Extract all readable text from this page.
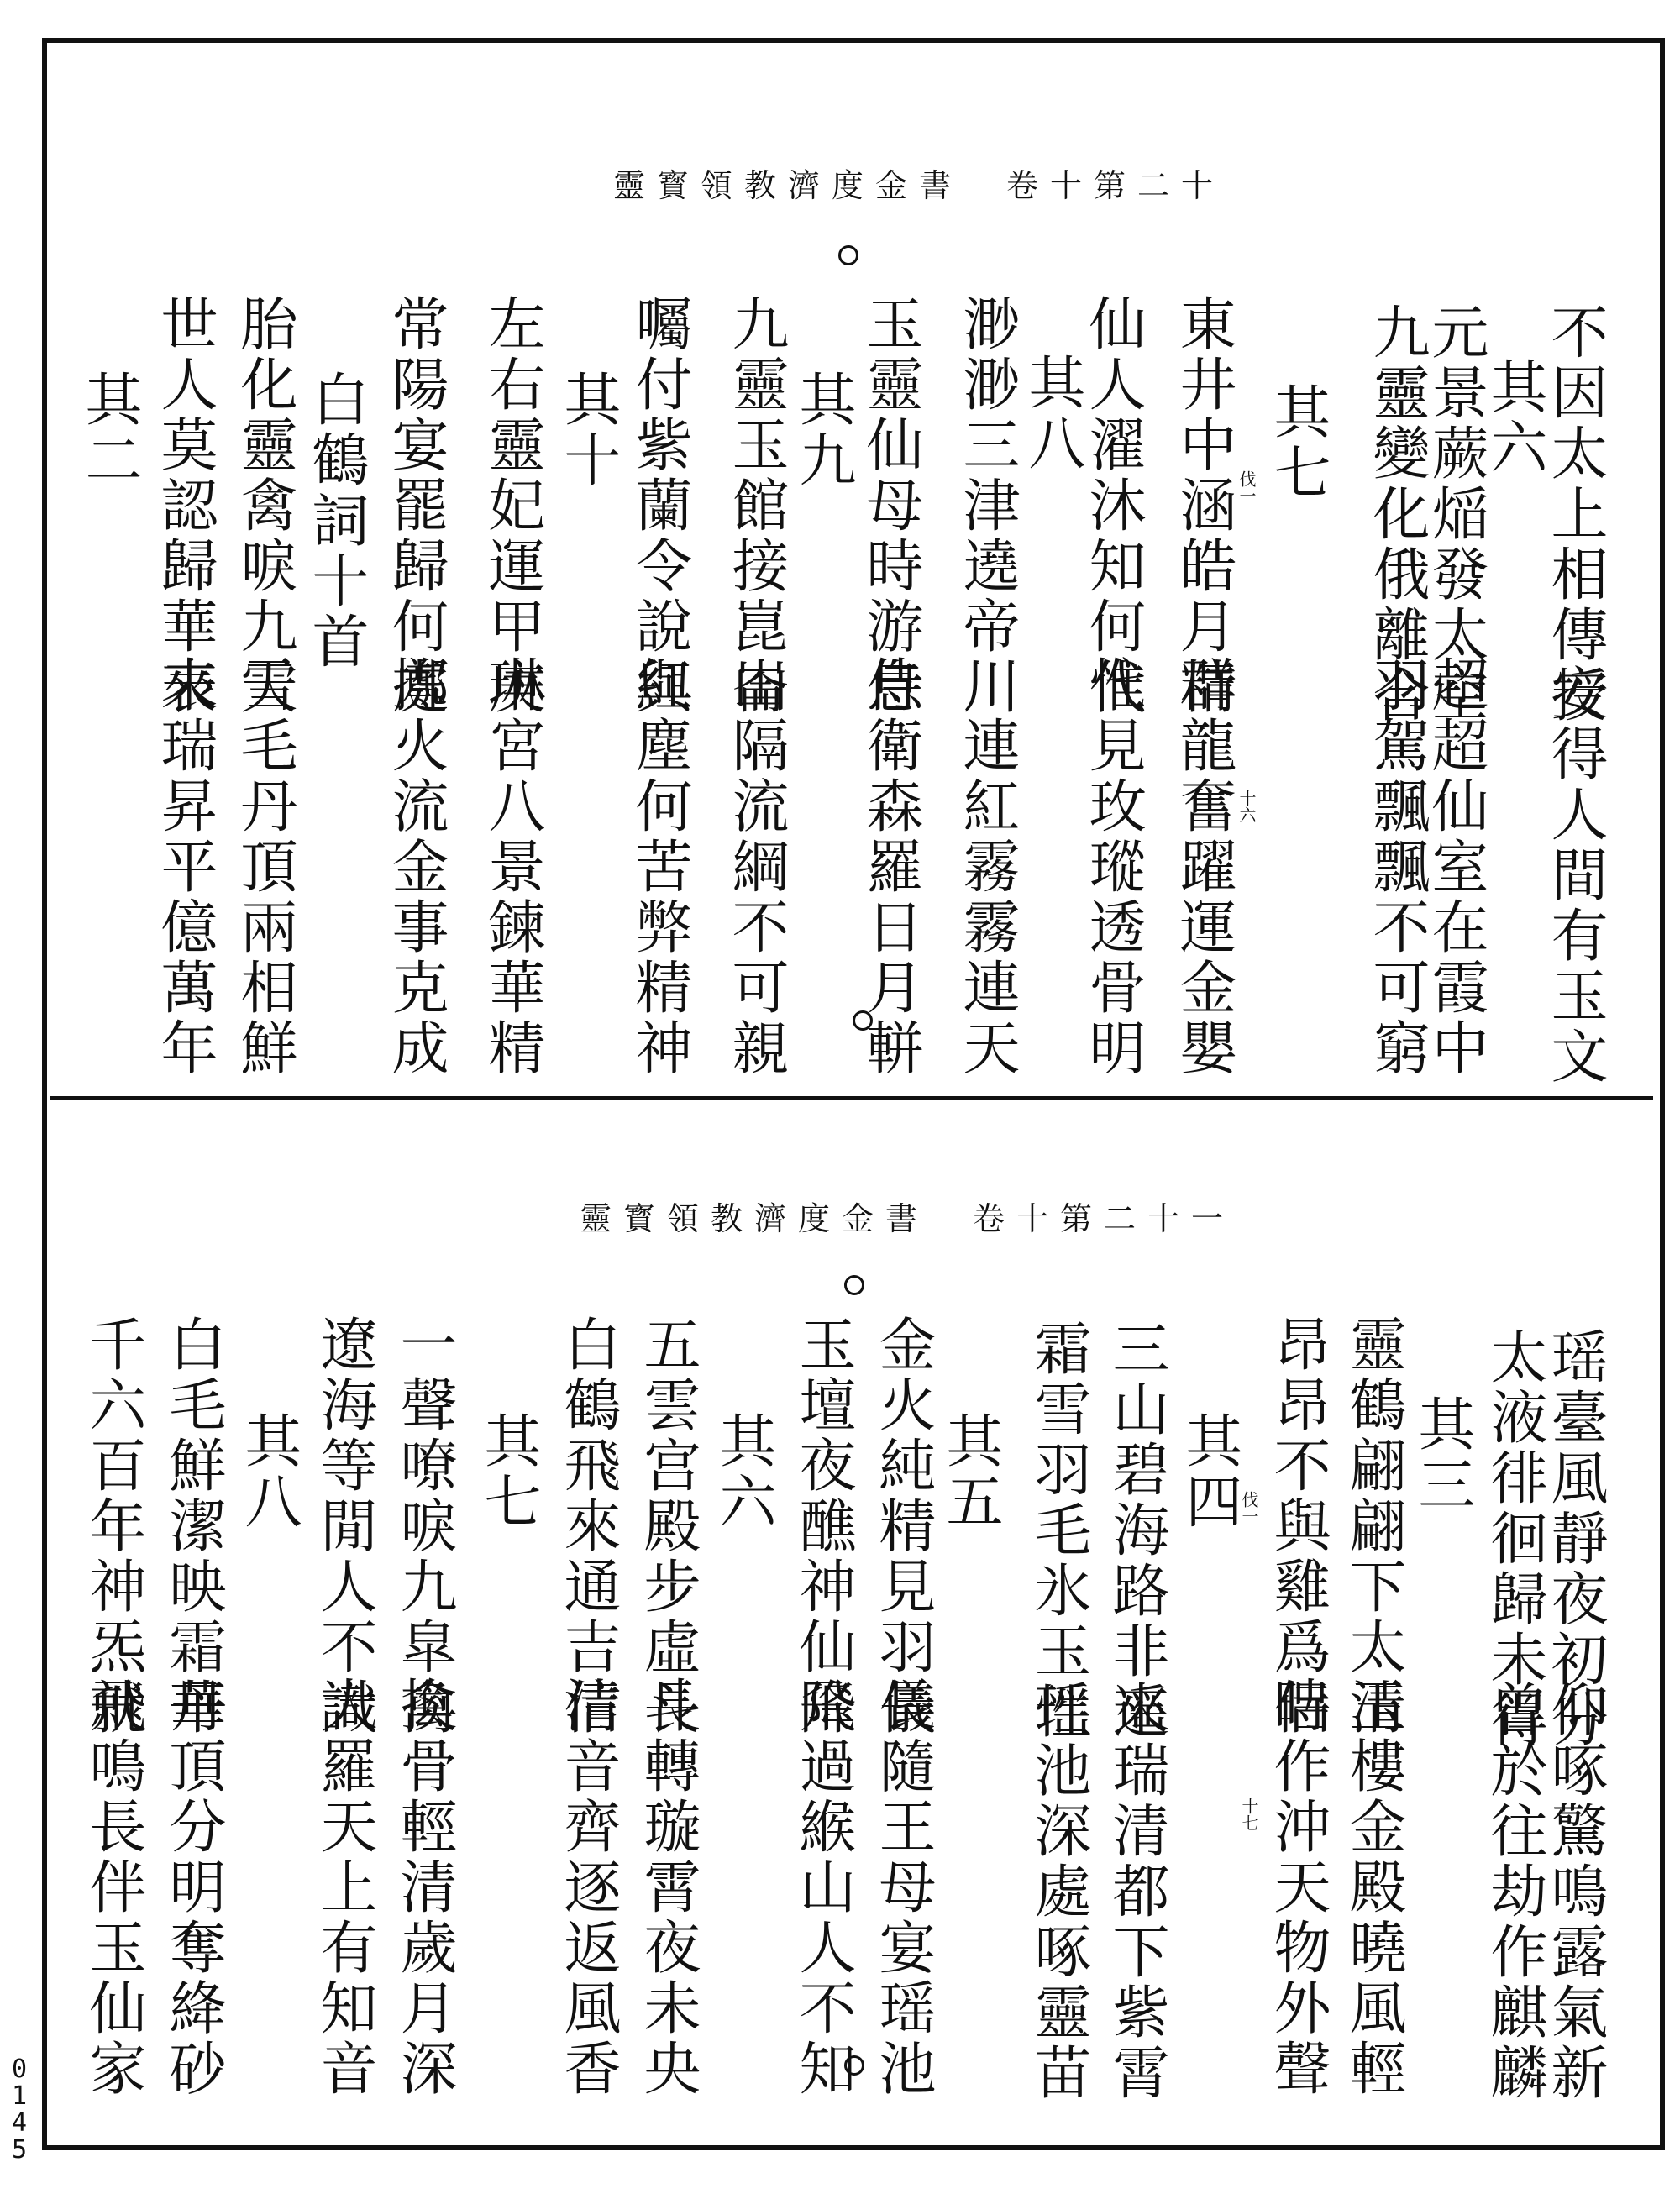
靈寳領教濟度金書　卷十第二十
不因太上相傳授
安得人間有玉文
其六
元景蕨㷔發太空
超超仙室在霞中
九靈變化俄離合
羽駕飄飄不可窮
其七
伐一
東井中涵皓月精
群龍奮躍運金嬰 十六
仙人濯沐知何代
惟見玫瑽透骨明
其八
渺渺三津遶帝川
川連紅霧霧連天
玉靈仙母時游息
侍衛森羅日月軿
其九
九靈玉館接崑崙
山隔流綱不可親
囑付紫蘭令說與
紅塵何苦弊精神
其十
左右靈妃運甲庚
琳宮八景鍊華精
常陽宴罷歸何處
擲火流金事克成
白鶴詞十首
胎化靈禽唳九天
雪毛丹頂兩相鮮
世人莫認歸華表
來瑞昇平億萬年
其二
靈寳領教濟度金書　卷十第二十一
瑶臺風靜夜初分
仰啄驚鳴露氣新
太液徘徊歸未得
曾於往劫作麒麟
其三
靈鶴翩翩下太清
玉樓金殿曉風輕
昂昂不與雞爲侶
時作沖天物外聲
伐一
十七
其四
三山碧海路非遥
來瑞清都下紫霄
霜雪羽毛氷玉性
瑶池深處啄靈苗
其五
金火純精見羽儀
長隨王母宴瑶池
玉壇夜醮神仙降
飛過緱山人不知
其六
五雲宫殿步虛長
斗轉璇霄夜未央
白鶴飛來通吉信
清音齊逐返風香
其七
一聲嘹唳九皐禽
換骨輕清歲月深
遼海等閒人不識
大羅天上有知音
其八
白毛鮮潔映霜華
丹頂分明奪絳砂
千六百年神炁就
飛鳴長伴玉仙家
0145
